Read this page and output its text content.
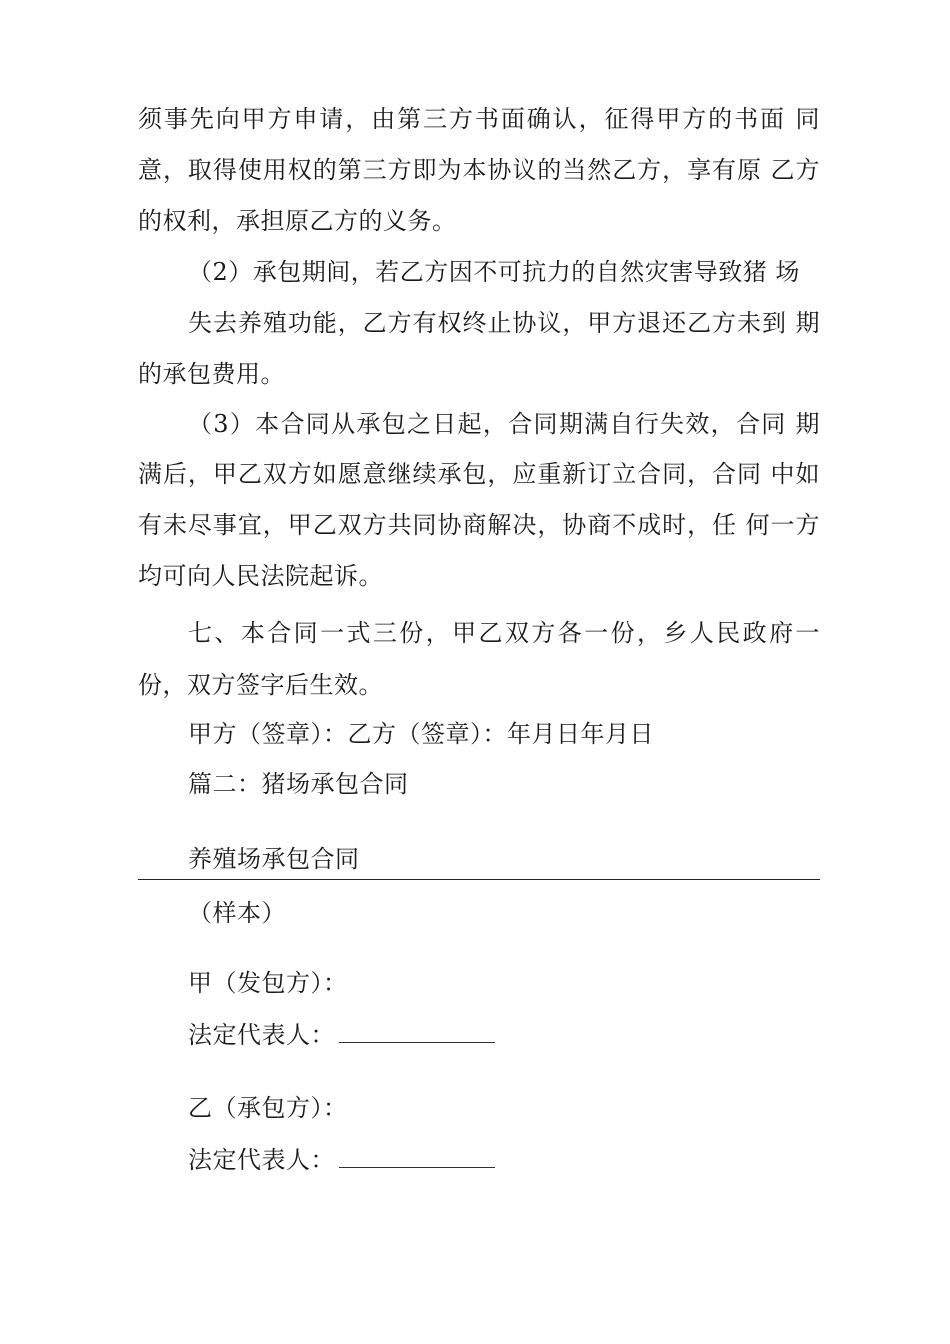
须事先向甲方申请，由第三方书面确认，征得甲方的书面 同
意，取得使用权的第三方即为本协议的当然乙方，享有原 乙方
的权利，承担原乙方的义务。
（2）承包期间，若乙方因不可抗力的自然灾害导致猪 场
失去养殖功能，乙方有权终止协议，甲方退还乙方未到 期
的承包费用。
（3）本合同从承包之日起，合同期满自行失效，合同 期
满后，甲乙双方如愿意继续承包，应重新订立合同，合同 中如
有未尽事宜，甲乙双方共同协商解决，协商不成时，任 何一方
均可向人民法院起诉。
七、本合同一式三份，甲乙双方各一份，乡人民政府一
份，双方签字后生效。
甲方（签章）：乙方（签章）：年月日年月日
篇二：猪场承包合同
养殖场承包合同
（样本）
甲（发包方）：
法定代表人：
乙（承包方）：
法定代表人：
